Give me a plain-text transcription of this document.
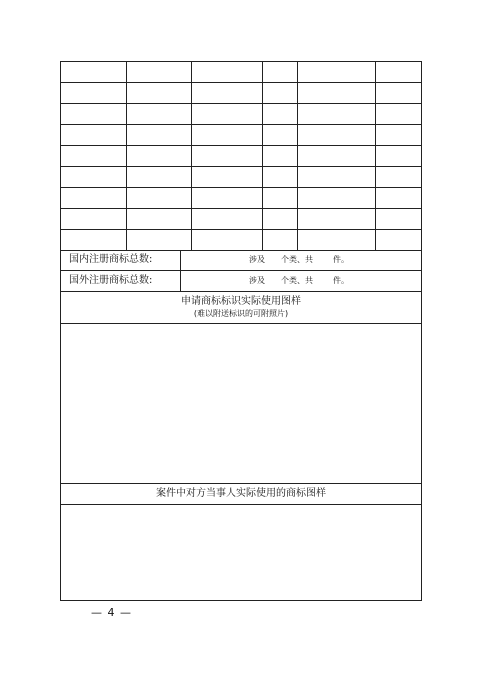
国内注册商标总数:	涉及 个类、共	件。
国外注册商标总数:	涉及 个类、共	件。
申请商标标识实际使用图样
(难以附送标识的可附照片)
案件中对方当事人实际使用的商标图样
— 4 —
